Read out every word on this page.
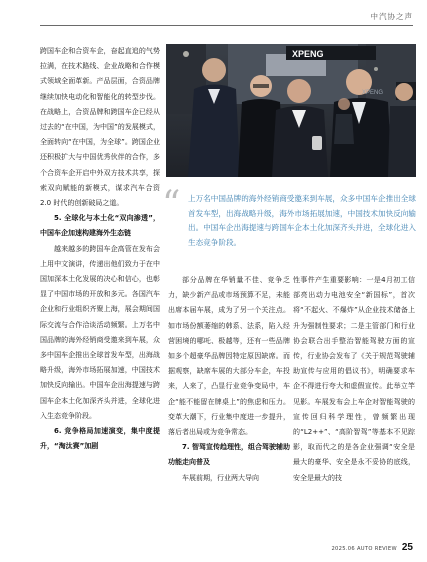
中汽协之声

跨国车企和合资车企，奋起直追的气势拉满，在技术路线、企业战略和合作模式领域全面革新。产品层面，合资品牌继续加快电动化和智能化的转型步伐。在战略上，合资品牌和跨国车企已经从过去的“在中国，为中国”的发展模式，全面转向“在中国，为全球”。跨国企业还积极扩大与中国优秀伙伴的合作，多个合资车企开启中外双方技术共享，探索双向赋能的新模式，谋求汽车合资 2.0 时代的创新破局之道。

5. 全球化与本土化“双向渗透”，中国车企加速构建海外生态链

越来越多的跨国车企高管在发布会上用中文演讲，传递出他们致力于在中国加深本土化发展的决心和信心，也彰显了中国市场的开放和多元。各国汽车企业和行业组织齐聚上海，展会期间国际交流与合作洽谈活动频繁。上万名中国品牌的海外经销商受邀来到车展，众多中国车企推出全球首发车型，出海战略升级，海外市场拓展加速，中国技术加快反向输出。中国车企出海提速与跨国车企本土化加深齐头并进，全球化进入生态竞争阶段。

6. 竞争格局加速演变，集中度提升，“淘汰赛”加剧

XPENG
XPENG
“ 上万名中国品牌的海外经销商受邀来到车展，众多中国车企推出全球首发车型，出海战略升级，海外市场拓展加速，中国技术加快反向输出。中国车企出海提速与跨国车企本土化加深齐头并进，全球化进入生态竞争阶段。

部分品牌在华销量不佳、竞争乏力，缺少新产品或市场预算不足，未能出席本届车展，成为了另一个关注点。如市场份额萎缩的韩系、法系，陷入经营困境的哪吒、极越等，还有一些品牌如多个超豪华品牌因特定原因缺席。而据观察，缺席车展的大部分车企，车投来，人来了，凸显行业竞争变局中，车企“能不能留在牌桌上”的焦虑和压力。变革大潮下，行业集中度进一步提升，落后者出局或为竞争常态。

7. 智驾宣传趋理性，组合驾驶辅助功能走向普及

车展前期，行业两大导向

性事件产生重要影响：一是4月初工信部亮出动力电池安全“新国标”，首次将“不起火、不爆炸”从企业技术储备上升为强制性要求；二是主管部门和行业协会联合出手整治智能驾驶方面的宣传，行业协会发布了《关于规范驾驶辅助宣传与应用的倡议书》，明确要求车企不得进行夸大和虚假宣传。此举立竿见影。车展发布会上车企对智能驾驶的宣传回归科学理性，曾频繁出现的“L2++”、“高阶智驾”等基本不见踪影，取而代之的是各企业强调“安全是最大的豪华、安全是永不妥协的底线，安全是最大的技

2025.06 AUTO REVIEW 25
